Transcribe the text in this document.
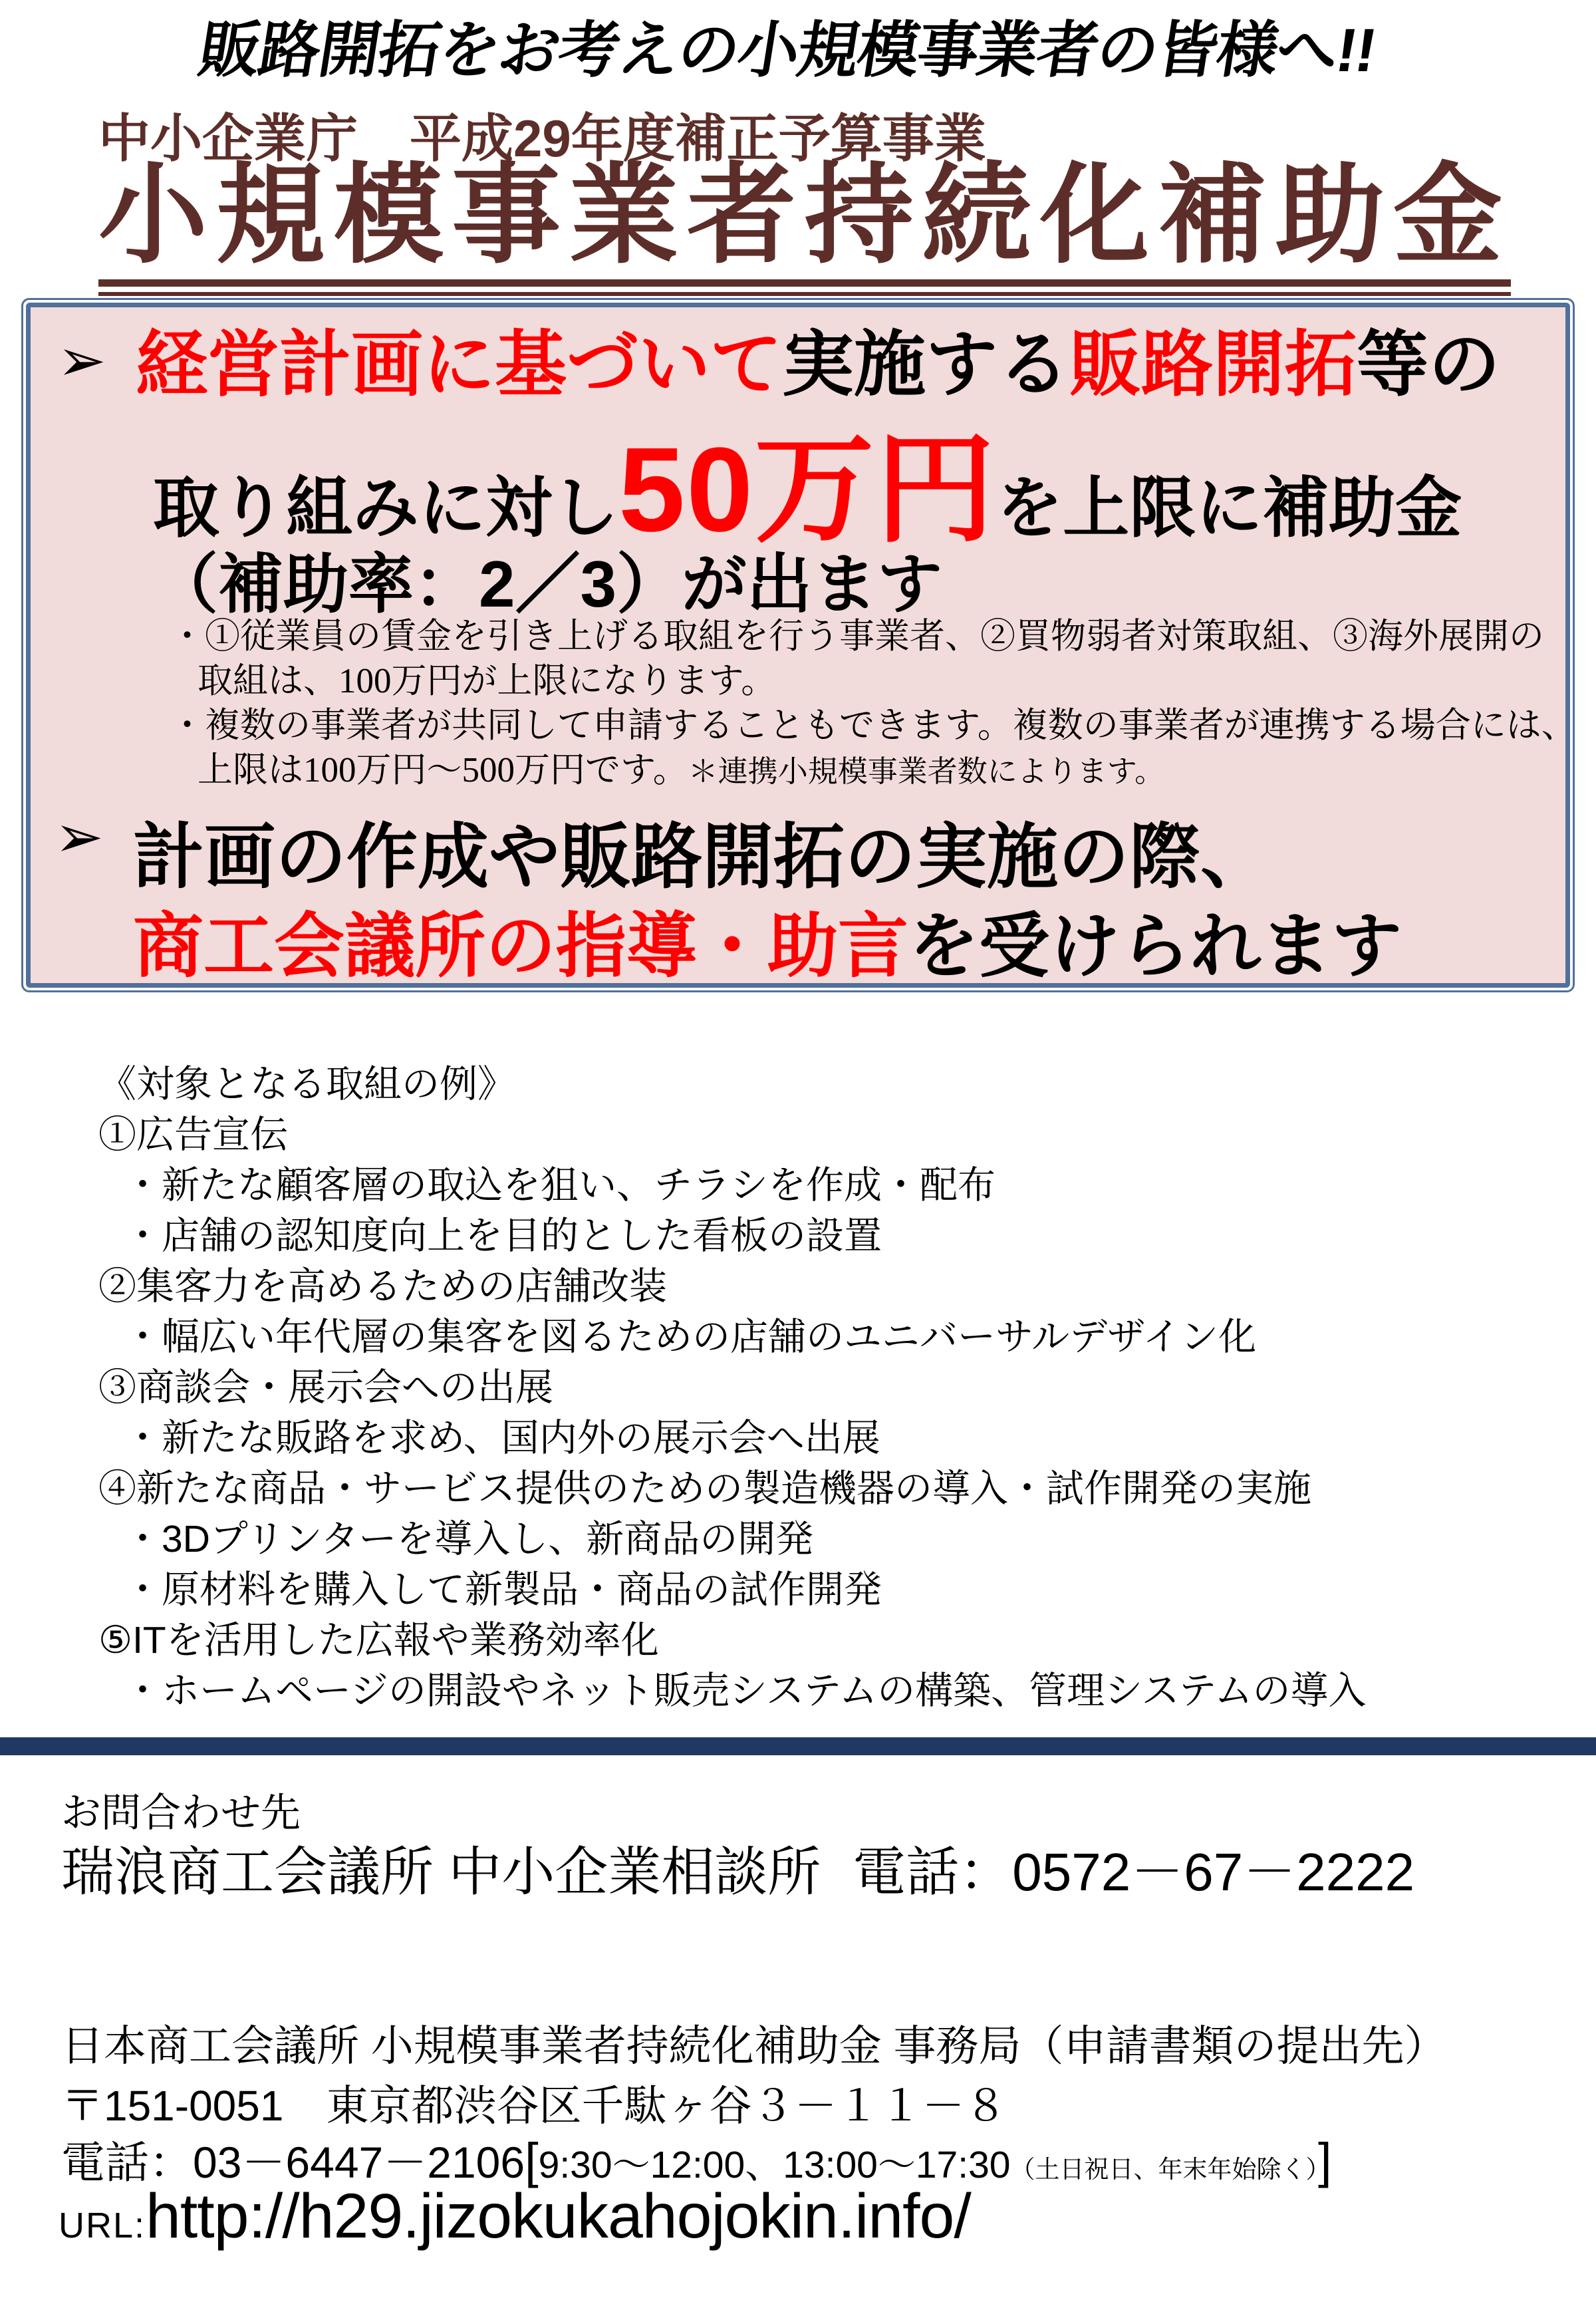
販路開拓をお考えの小規模事業者の皆様へ!!
中小企業庁　平成29年度補正予算事業
小規模事業者持続化補助金
➢ 経営計画に基づいて実施する販路開拓等の
取り組みに対し50万円を上限に補助金
（補助率：2／3）が出ます
・①従業員の賃金を引き上げる取組を行う事業者、②買物弱者対策取組、③海外展開の
取組は、100万円が上限になります。
・複数の事業者が共同して申請することもできます。複数の事業者が連携する場合には、
上限は100万円～500万円です。＊連携小規模事業者数によります。
➢ 計画の作成や販路開拓の実施の際、
商工会議所の指導・助言を受けられます
《対象となる取組の例》
①広告宣伝
・新たな顧客層の取込を狙い、チラシを作成・配布
・店舗の認知度向上を目的とした看板の設置
②集客力を高めるための店舗改装
・幅広い年代層の集客を図るための店舗のユニバーサルデザイン化
③商談会・展示会への出展
・新たな販路を求め、国内外の展示会へ出展
④新たな商品・サービス提供のための製造機器の導入・試作開発の実施
・3Dプリンターを導入し、新商品の開発
・原材料を購入して新製品・商品の試作開発
⑤ITを活用した広報や業務効率化
・ホームページの開設やネット販売システムの構築、管理システムの導入
お問合わせ先
瑞浪商工会議所 中小企業相談所 電話：0572－67－2222
日本商工会議所 小規模事業者持続化補助金 事務局（申請書類の提出先）
〒151-0051　東京都渋谷区千駄ヶ谷３－１１－８
電話：03－6447－2106[9:30～12:00、13:00～17:30（土日祝日、年末年始除く）]
URL:http://h29.jizokukahojokin.info/
